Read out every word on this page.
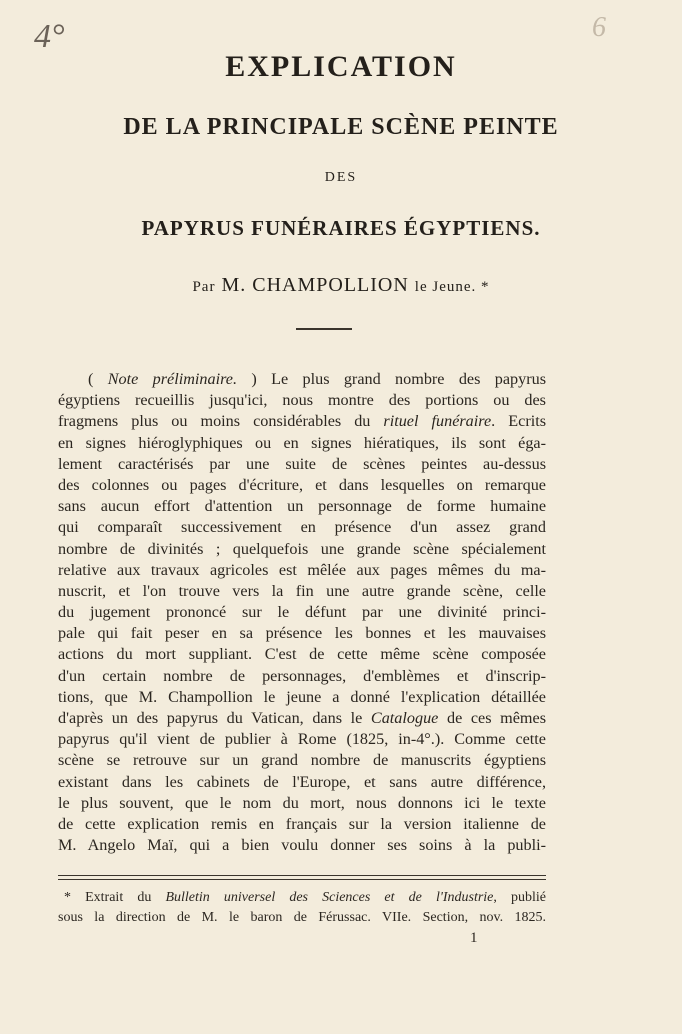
4°	6
EXPLICATION
DE LA PRINCIPALE SCÈNE PEINTE
DES
PAPYRUS FUNÉRAIRES ÉGYPTIENS.
Par M. CHAMPOLLION le Jeune. *
( Note préliminaire. ) Le plus grand nombre des papyrus
égyptiens recueillis jusqu'ici, nous montre des portions ou des
fragmens plus ou moins considérables du rituel funéraire. Ecrits
en signes hiéroglyphiques ou en signes hiératiques, ils sont éga-
lement caractérisés par une suite de scènes peintes au-dessus
des colonnes ou pages d'écriture, et dans lesquelles on remarque
sans aucun effort d'attention un personnage de forme humaine
qui comparaît successivement en présence d'un assez grand
nombre de divinités ; quelquefois une grande scène spécialement
relative aux travaux agricoles est mêlée aux pages mêmes du ma-
nuscrit, et l'on trouve vers la fin une autre grande scène, celle
du jugement prononcé sur le défunt par une divinité princi-
pale qui fait peser en sa présence les bonnes et les mauvaises
actions du mort suppliant. C'est de cette même scène composée
d'un certain nombre de personnages, d'emblèmes et d'inscrip-
tions, que M. Champollion le jeune a donné l'explication détaillée
d'après un des papyrus du Vatican, dans le Catalogue de ces mêmes
papyrus qu'il vient de publier à Rome (1825, in-4°.). Comme cette
scène se retrouve sur un grand nombre de manuscrits égyptiens
existant dans les cabinets de l'Europe, et sans autre différence,
le plus souvent, que le nom du mort, nous donnons ici le texte
de cette explication remis en français sur la version italienne de
M. Angelo Maï, qui a bien voulu donner ses soins à la publi-
* Extrait du Bulletin universel des Sciences et de l'Industrie, publié
sous la direction de M. le baron de Férussac. VIIe. Section, nov. 1825.
1
